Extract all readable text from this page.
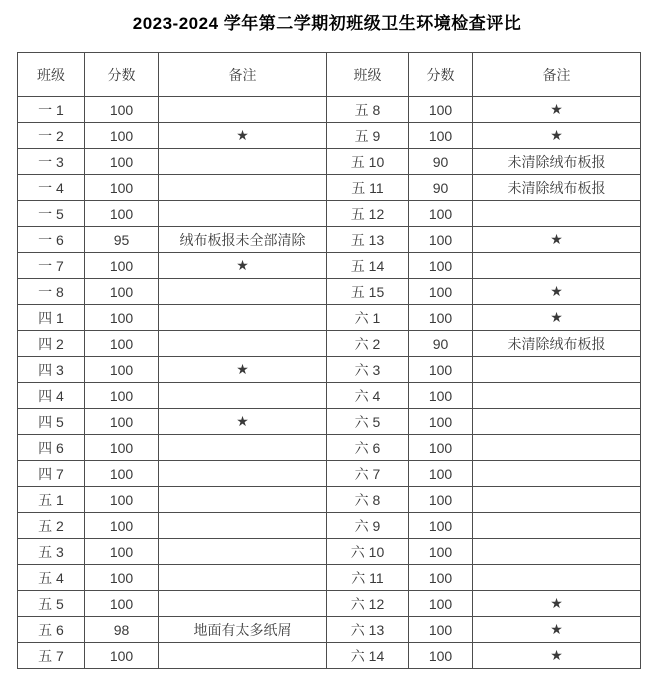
2023-2024 学年第二学期初班级卫生环境检查评比
班级	分数	备注	班级	分数	备注
一 1	100		五 8	100	★
一 2	100	★	五 9	100	★
一 3	100		五 10	90	未清除绒布板报
一 4	100		五 11	90	未清除绒布板报
一 5	100		五 12	100	
一 6	95	绒布板报未全部清除	五 13	100	★
一 7	100	★	五 14	100	
一 8	100		五 15	100	★
四 1	100		六 1	100	★
四 2	100		六 2	90	未清除绒布板报
四 3	100	★	六 3	100	
四 4	100		六 4	100	
四 5	100	★	六 5	100	
四 6	100		六 6	100	
四 7	100		六 7	100	
五 1	100		六 8	100	
五 2	100		六 9	100	
五 3	100		六 10	100	
五 4	100		六 11	100	
五 5	100		六 12	100	★
五 6	98	地面有太多纸屑	六 13	100	★
五 7	100		六 14	100	★
